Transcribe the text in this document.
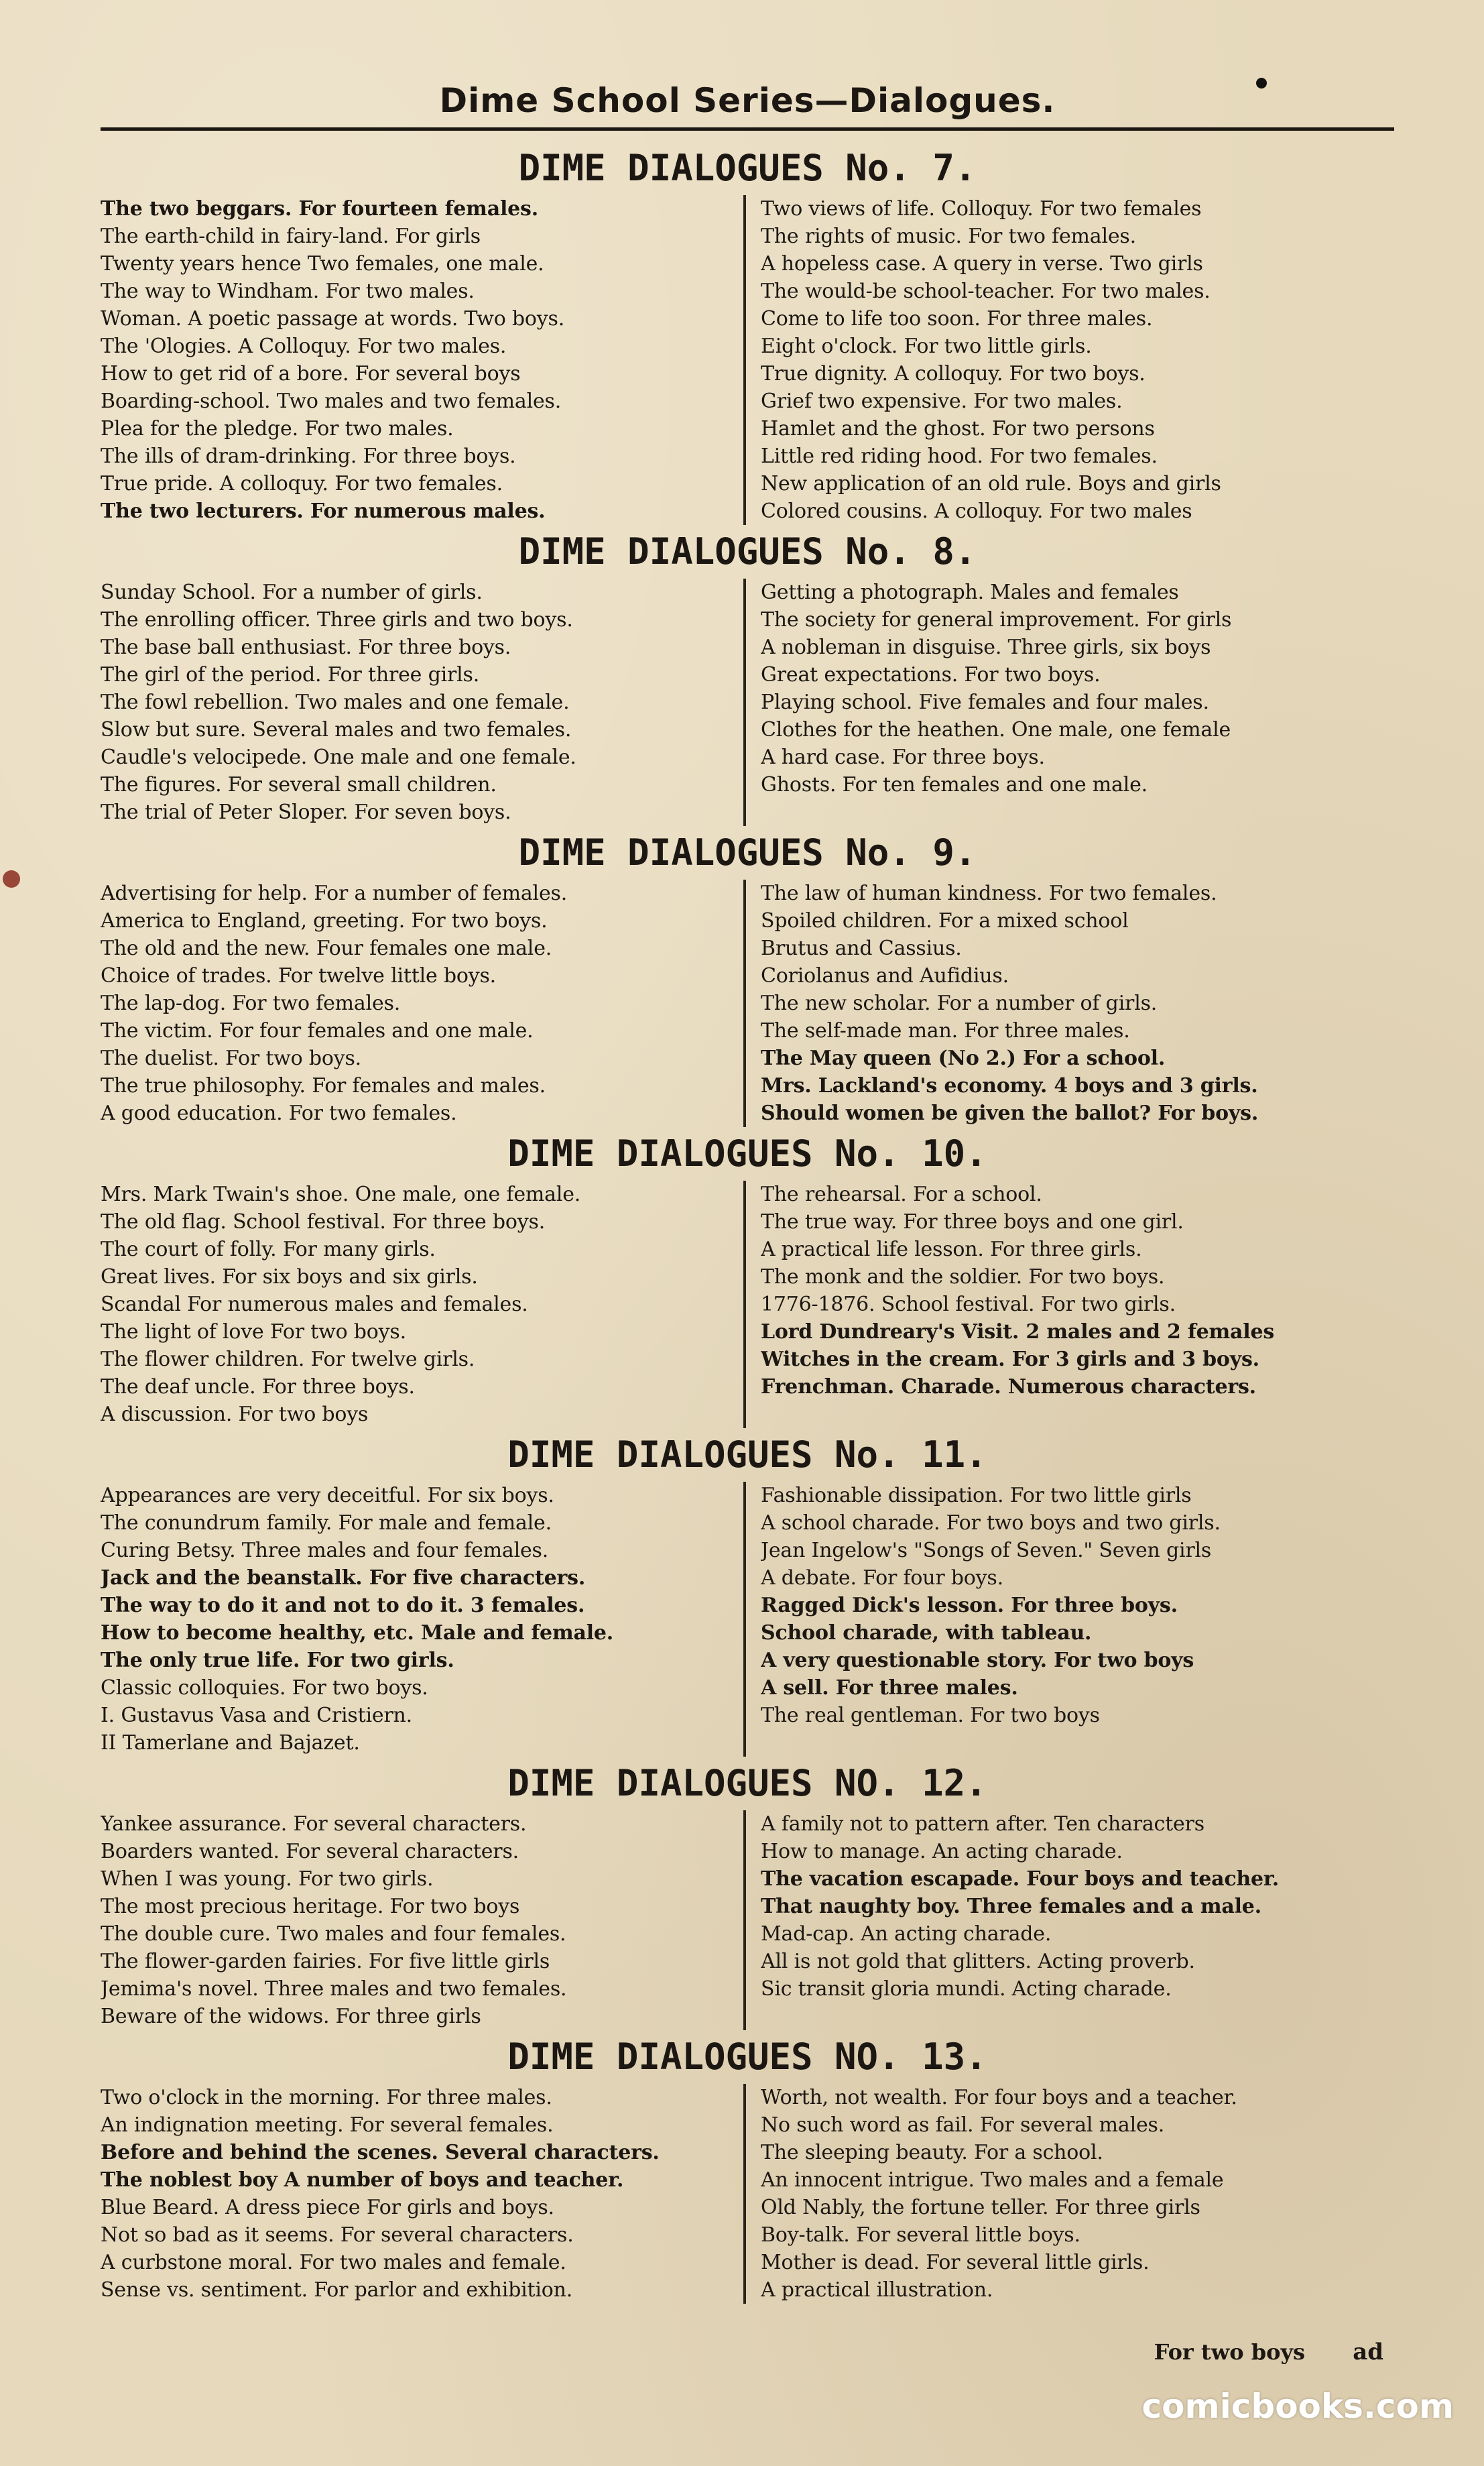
Dime School Series—Dialogues.
DIME DIALOGUES No. 7.
The two beggars. For fourteen females.
The earth-child in fairy-land. For girls
Twenty years hence Two females, one male.
The way to Windham. For two males.
Woman. A poetic passage at words. Two boys.
The 'Ologies. A Colloquy. For two males.
How to get rid of a bore. For several boys
Boarding-school. Two males and two females.
Plea for the pledge. For two males.
The ills of dram-drinking. For three boys.
True pride. A colloquy. For two females.
The two lecturers. For numerous males.
Two views of life. Colloquy. For two females
The rights of music. For two females.
A hopeless case. A query in verse. Two girls
The would-be school-teacher. For two males.
Come to life too soon. For three males.
Eight o'clock. For two little girls.
True dignity. A colloquy. For two boys.
Grief two expensive. For two males.
Hamlet and the ghost. For two persons
Little red riding hood. For two females.
New application of an old rule. Boys and girls
Colored cousins. A colloquy. For two males
DIME DIALOGUES No. 8.
Sunday School. For a number of girls.
The enrolling officer. Three girls and two boys.
The base ball enthusiast. For three boys.
The girl of the period. For three girls.
The fowl rebellion. Two males and one female.
Slow but sure. Several males and two females.
Caudle's velocipede. One male and one female.
The figures. For several small children.
The trial of Peter Sloper. For seven boys.
Getting a photograph. Males and females
The society for general improvement. For girls
A nobleman in disguise. Three girls, six boys
Great expectations. For two boys.
Playing school. Five females and four males.
Clothes for the heathen. One male, one female
A hard case. For three boys.
Ghosts. For ten females and one male.
DIME DIALOGUES No. 9.
Advertising for help. For a number of females.
America to England, greeting. For two boys.
The old and the new. Four females one male.
Choice of trades. For twelve little boys.
The lap-dog. For two females.
The victim. For four females and one male.
The duelist. For two boys.
The true philosophy. For females and males.
A good education. For two females.
The law of human kindness. For two females.
Spoiled children. For a mixed school
Brutus and Cassius.
Coriolanus and Aufidius.
The new scholar. For a number of girls.
The self-made man. For three males.
The May queen (No 2.) For a school.
Mrs. Lackland's economy. 4 boys and 3 girls.
Should women be given the ballot? For boys.
DIME DIALOGUES No. 10.
Mrs. Mark Twain's shoe. One male, one female.
The old flag. School festival. For three boys.
The court of folly. For many girls.
Great lives. For six boys and six girls.
Scandal For numerous males and females.
The light of love For two boys.
The flower children. For twelve girls.
The deaf uncle. For three boys.
A discussion. For two boys
The rehearsal. For a school.
The true way. For three boys and one girl.
A practical life lesson. For three girls.
The monk and the soldier. For two boys.
1776-1876. School festival. For two girls.
Lord Dundreary's Visit. 2 males and 2 females
Witches in the cream. For 3 girls and 3 boys.
Frenchman. Charade. Numerous characters.
DIME DIALOGUES No. 11.
Appearances are very deceitful. For six boys.
The conundrum family. For male and female.
Curing Betsy. Three males and four females.
Jack and the beanstalk. For five characters.
The way to do it and not to do it. 3 females.
How to become healthy, etc. Male and female.
The only true life. For two girls.
Classic colloquies. For two boys.
I. Gustavus Vasa and Cristiern.
II Tamerlane and Bajazet.
Fashionable dissipation. For two little girls
A school charade. For two boys and two girls.
Jean Ingelow's "Songs of Seven." Seven girls
A debate. For four boys.
Ragged Dick's lesson. For three boys.
School charade, with tableau.
A very questionable story. For two boys
A sell. For three males.
The real gentleman. For two boys
DIME DIALOGUES NO. 12.
Yankee assurance. For several characters.
Boarders wanted. For several characters.
When I was young. For two girls.
The most precious heritage. For two boys
The double cure. Two males and four females.
The flower-garden fairies. For five little girls
Jemima's novel. Three males and two females.
Beware of the widows. For three girls
A family not to pattern after. Ten characters
How to manage. An acting charade.
The vacation escapade. Four boys and teacher.
That naughty boy. Three females and a male.
Mad-cap. An acting charade.
All is not gold that glitters. Acting proverb.
Sic transit gloria mundi. Acting charade.
DIME DIALOGUES NO. 13.
Two o'clock in the morning. For three males.
An indignation meeting. For several females.
Before and behind the scenes. Several characters.
The noblest boy A number of boys and teacher.
Blue Beard. A dress piece For girls and boys.
Not so bad as it seems. For several characters.
A curbstone moral. For two males and female.
Sense vs. sentiment. For parlor and exhibition.
Worth, not wealth. For four boys and a teacher.
No such word as fail. For several males.
The sleeping beauty. For a school.
An innocent intrigue. Two males and a female
Old Nably, the fortune teller. For three girls
Boy-talk. For several little boys.
Mother is dead. For several little girls.
A practical illustration.
For two boys ad
comicbooks.com
